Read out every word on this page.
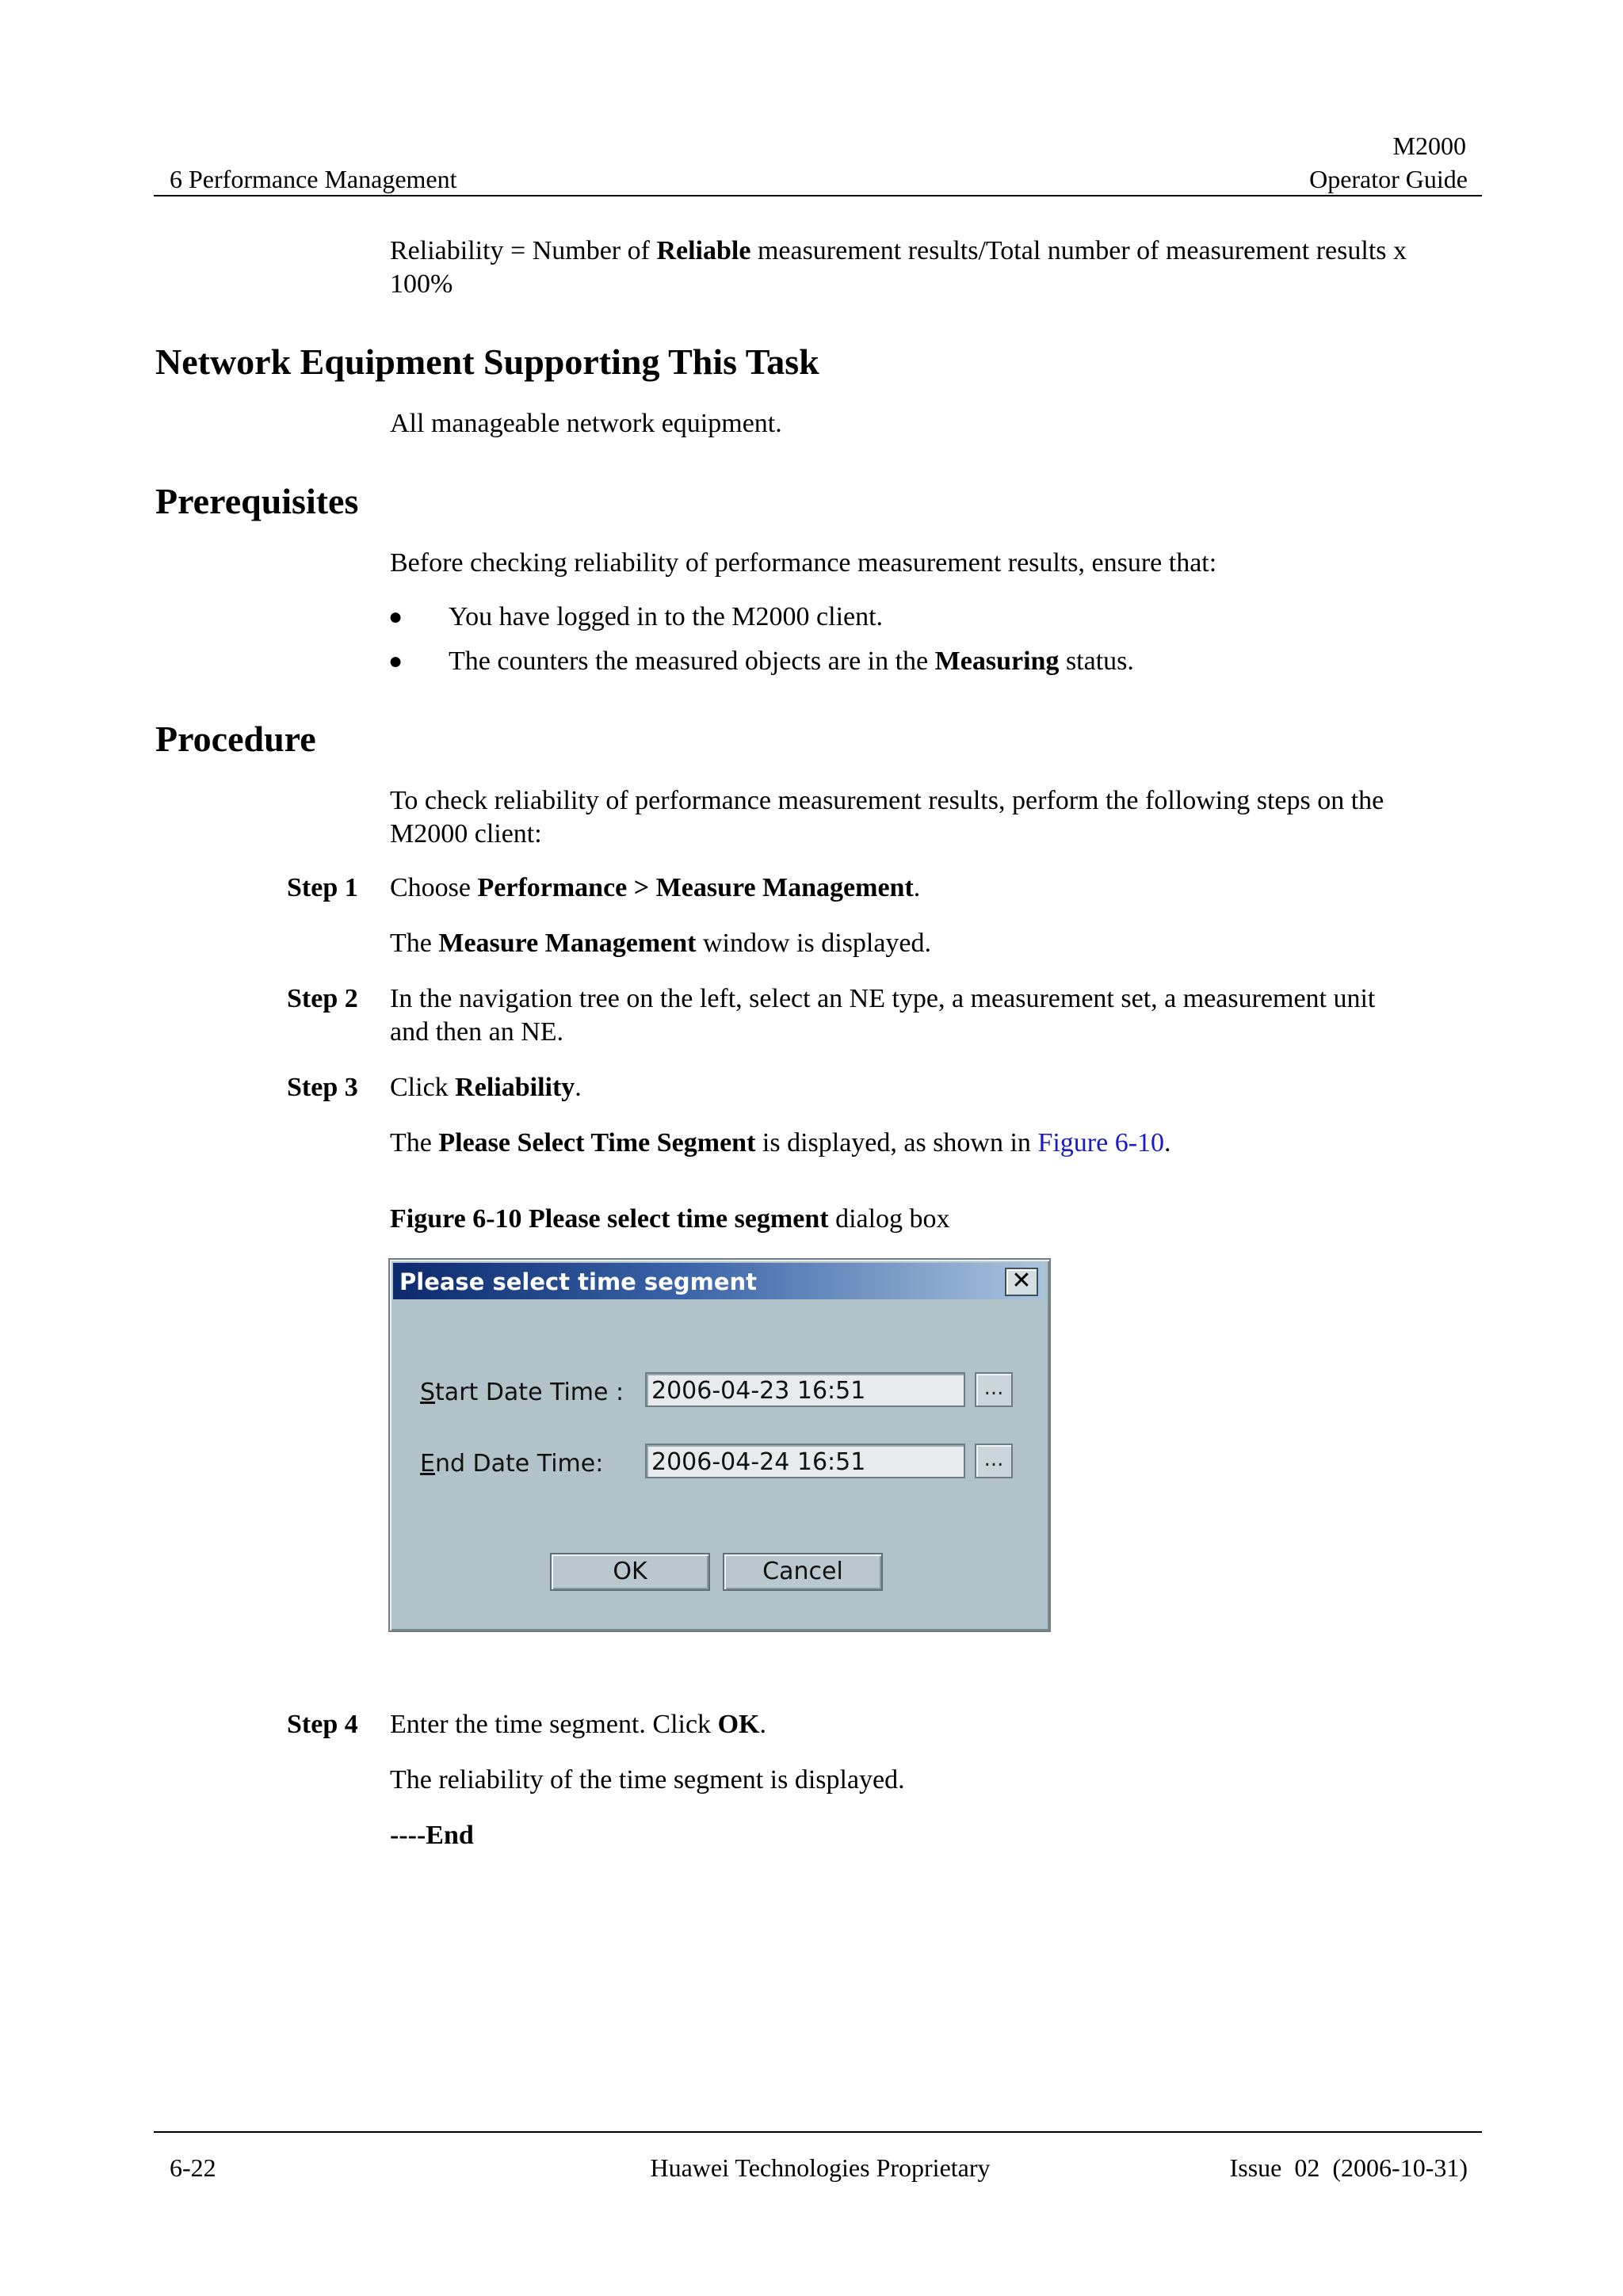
M2000
6 Performance Management	Operator Guide
Reliability = Number of Reliable measurement results/Total number of measurement results x
100%
Network Equipment Supporting This Task
All manageable network equipment.
Prerequisites
Before checking reliability of performance measurement results, ensure that:
● You have logged in to the M2000 client.
● The counters the measured objects are in the Measuring status.
Procedure
To check reliability of performance measurement results, perform the following steps on the
M2000 client:
Step 1 Choose Performance > Measure Management.
The Measure Management window is displayed.
Step 2 In the navigation tree on the left, select an NE type, a measurement set, a measurement unit
and then an NE.
Step 3 Click Reliability.
The Please Select Time Segment is displayed, as shown in Figure 6-10.
Figure 6-10 Please select time segment dialog box
Please select time segment	✕
Start Date Time : 2006-04-23 16:51	...
End Date Time: 2006-04-24 16:51	...
OK	Cancel
Step 4 Enter the time segment. Click OK.
The reliability of the time segment is displayed.
----End
6-22	Huawei Technologies Proprietary	Issue  02  (2006-10-31)
